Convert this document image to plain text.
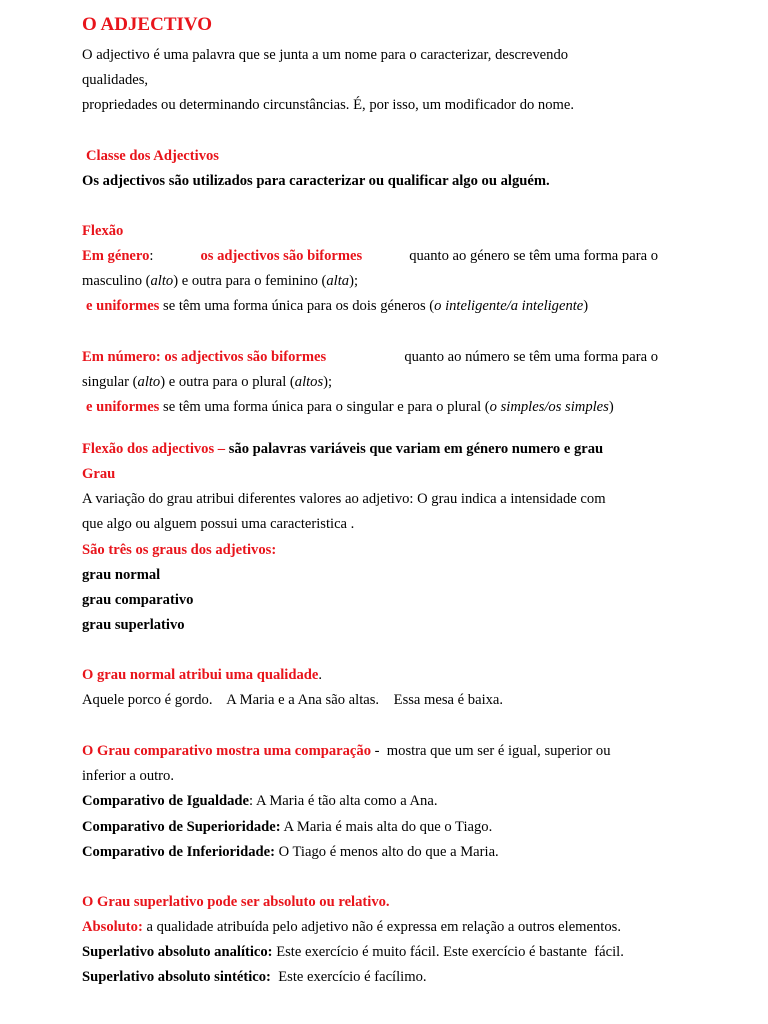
O ADJECTIVO
O adjectivo é uma palavra que se junta a um nome para o caracterizar, descrevendo
qualidades,
propriedades ou determinando circunstâncias. É, por isso, um modificador do nome.
Classe dos Adjectivos
Os adjectivos são utilizados para caracterizar ou qualificar algo ou alguém.
Flexão
Em género:	os adjectivos são biformes	quanto ao género se têm uma forma para o
masculino (alto) e outra para o feminino (alta);
e uniformes se têm uma forma única para os dois géneros (o inteligente/a inteligente)
Em número: os adjectivos são biformes	quanto ao número se têm uma forma para o
singular (alto) e outra para o plural (altos);
e uniformes se têm uma forma única para o singular e para o plural (o simples/os simples)
Flexão dos adjectivos – são palavras variáveis que variam em género numero e grau
Grau
A variação do grau atribui diferentes valores ao adjetivo: O grau indica a intensidade com
que algo ou alguem possui uma caracteristica .
São três os graus dos adjetivos:
grau normal
grau comparativo
grau superlativo
O grau normal atribui uma qualidade.
Aquele porco é gordo.    A Maria e a Ana são altas.    Essa mesa é baixa.
O Grau comparativo mostra uma comparação -  mostra que um ser é igual, superior ou
inferior a outro.
Comparativo de Igualdade: A Maria é tão alta como a Ana.
Comparativo de Superioridade: A Maria é mais alta do que o Tiago.
Comparativo de Inferioridade: O Tiago é menos alto do que a Maria.
O Grau superlativo pode ser absoluto ou relativo.
Absoluto: a qualidade atribuída pelo adjetivo não é expressa em relação a outros elementos.
Superlativo absoluto analítico: Este exercício é muito fácil. Este exercício é bastante  fácil.
Superlativo absoluto sintético:  Este exercício é facílimo.
